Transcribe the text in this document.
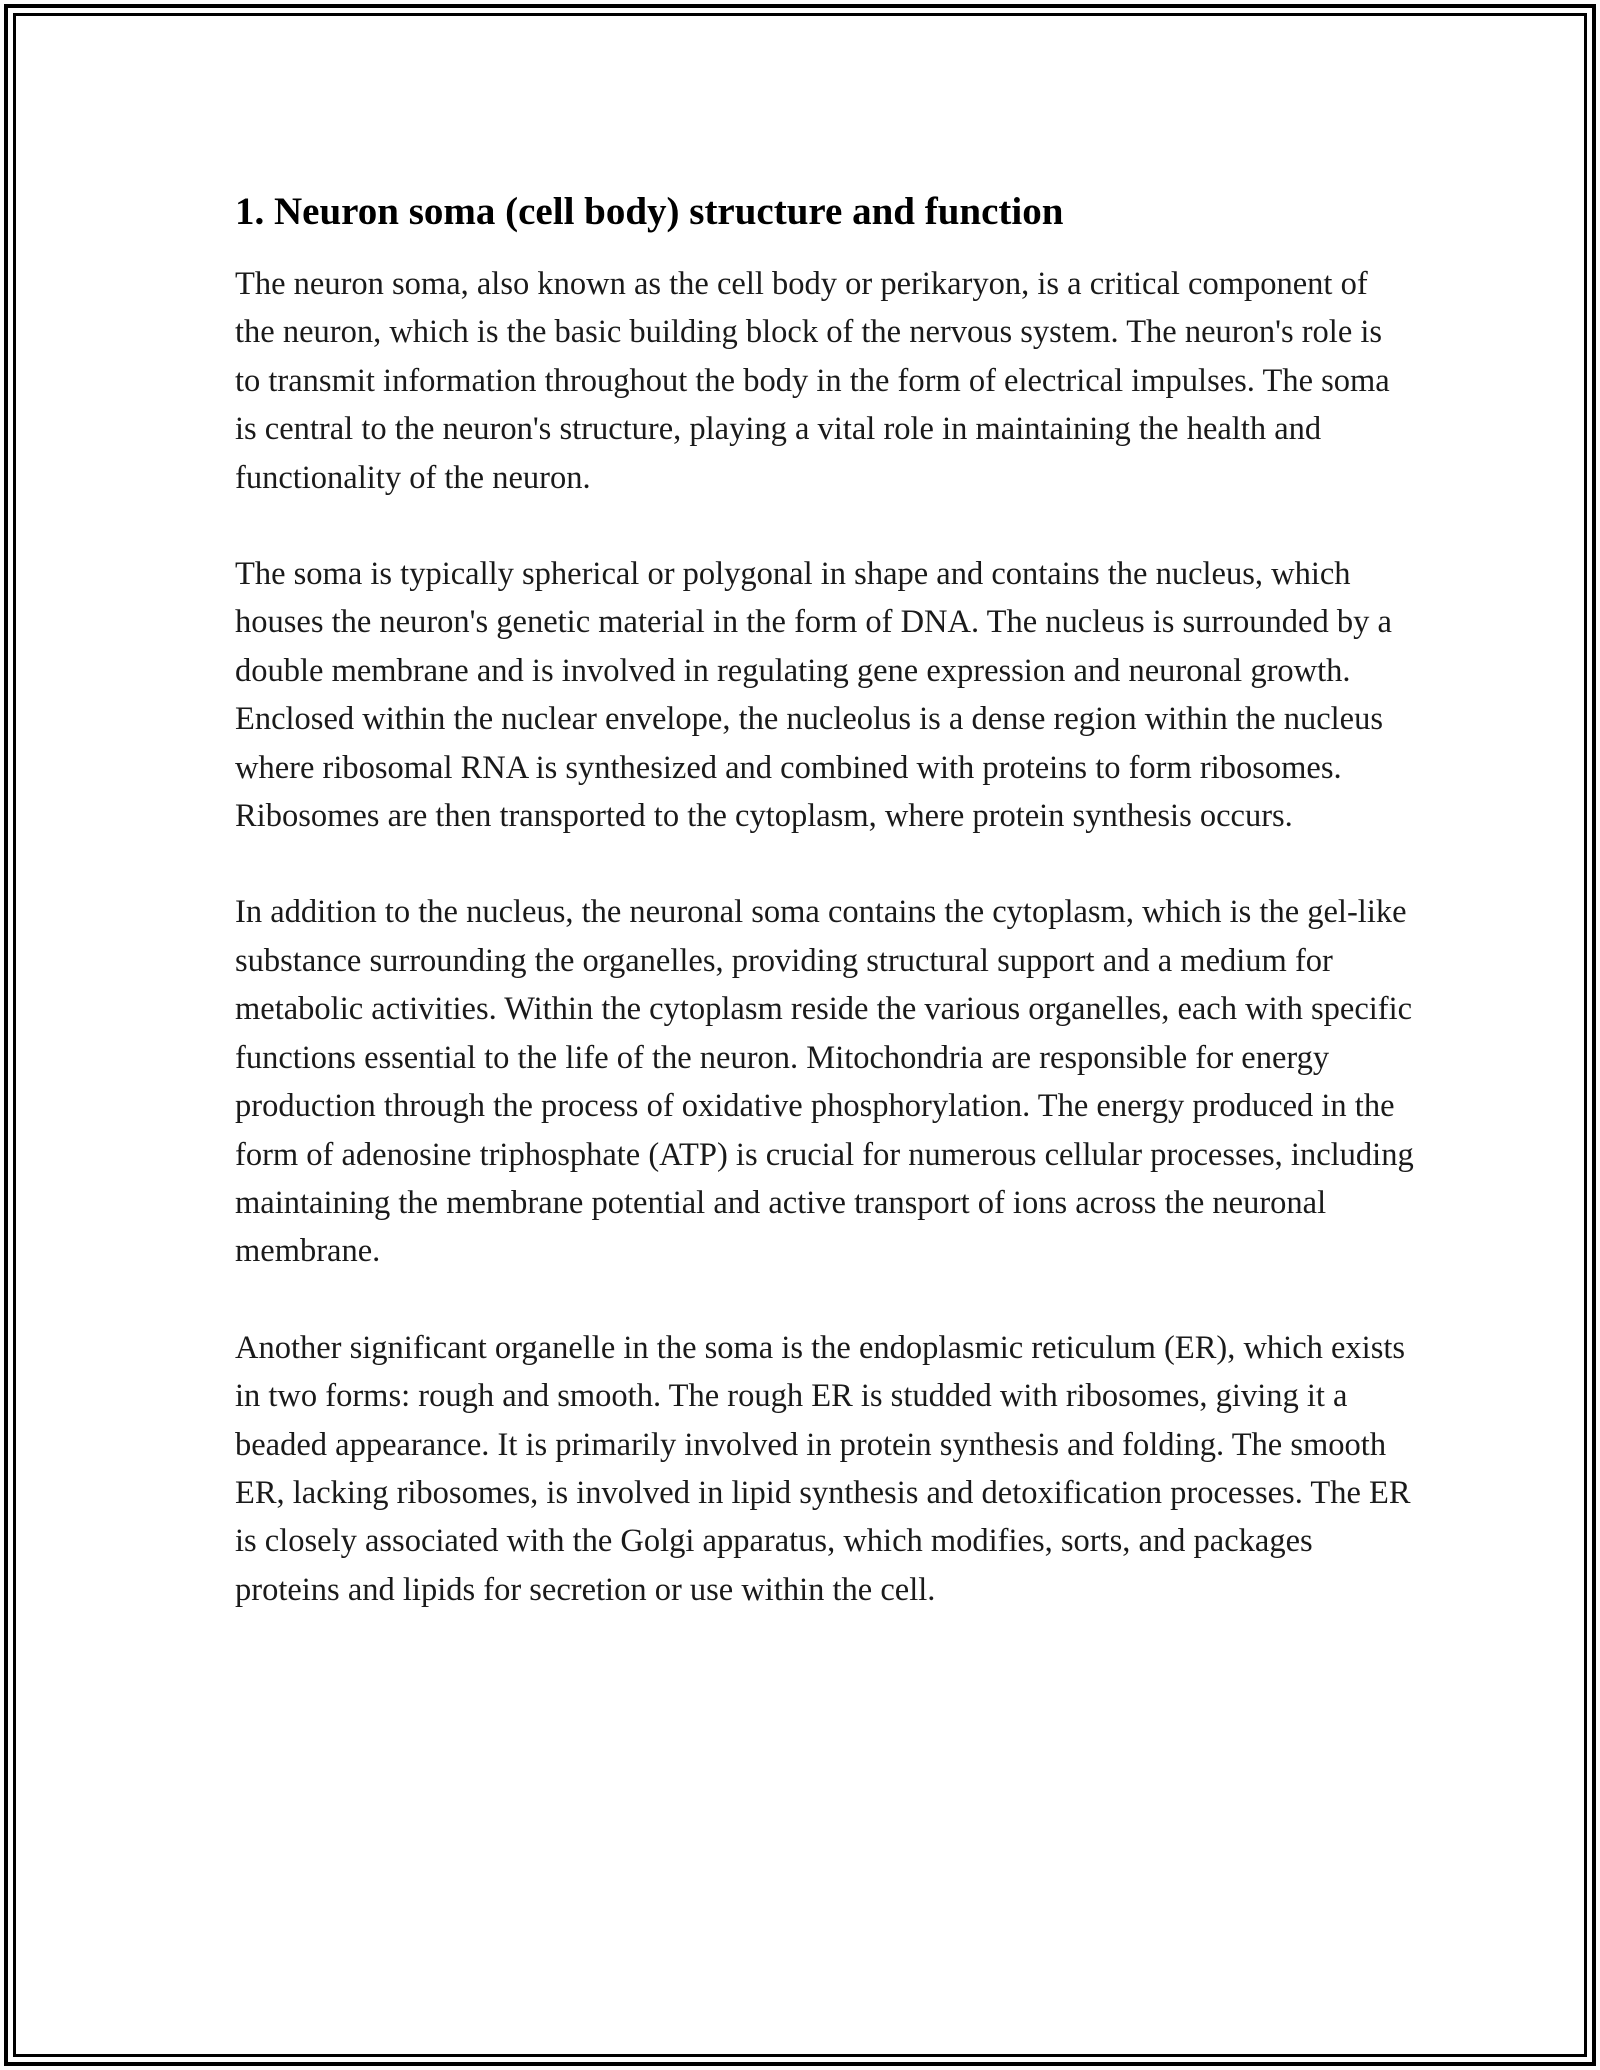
1. Neuron soma (cell body) structure and function

The neuron soma, also known as the cell body or perikaryon, is a critical component of the neuron, which is the basic building block of the nervous system. The neuron's role is to transmit information throughout the body in the form of electrical impulses. The soma is central to the neuron's structure, playing a vital role in maintaining the health and functionality of the neuron.

The soma is typically spherical or polygonal in shape and contains the nucleus, which houses the neuron's genetic material in the form of DNA. The nucleus is surrounded by a double membrane and is involved in regulating gene expression and neuronal growth. Enclosed within the nuclear envelope, the nucleolus is a dense region within the nucleus where ribosomal RNA is synthesized and combined with proteins to form ribosomes. Ribosomes are then transported to the cytoplasm, where protein synthesis occurs.

In addition to the nucleus, the neuronal soma contains the cytoplasm, which is the gel-like substance surrounding the organelles, providing structural support and a medium for metabolic activities. Within the cytoplasm reside the various organelles, each with specific functions essential to the life of the neuron. Mitochondria are responsible for energy production through the process of oxidative phosphorylation. The energy produced in the form of adenosine triphosphate (ATP) is crucial for numerous cellular processes, including maintaining the membrane potential and active transport of ions across the neuronal membrane.

Another significant organelle in the soma is the endoplasmic reticulum (ER), which exists in two forms: rough and smooth. The rough ER is studded with ribosomes, giving it a beaded appearance. It is primarily involved in protein synthesis and folding. The smooth ER, lacking ribosomes, is involved in lipid synthesis and detoxification processes. The ER is closely associated with the Golgi apparatus, which modifies, sorts, and packages proteins and lipids for secretion or use within the cell.
